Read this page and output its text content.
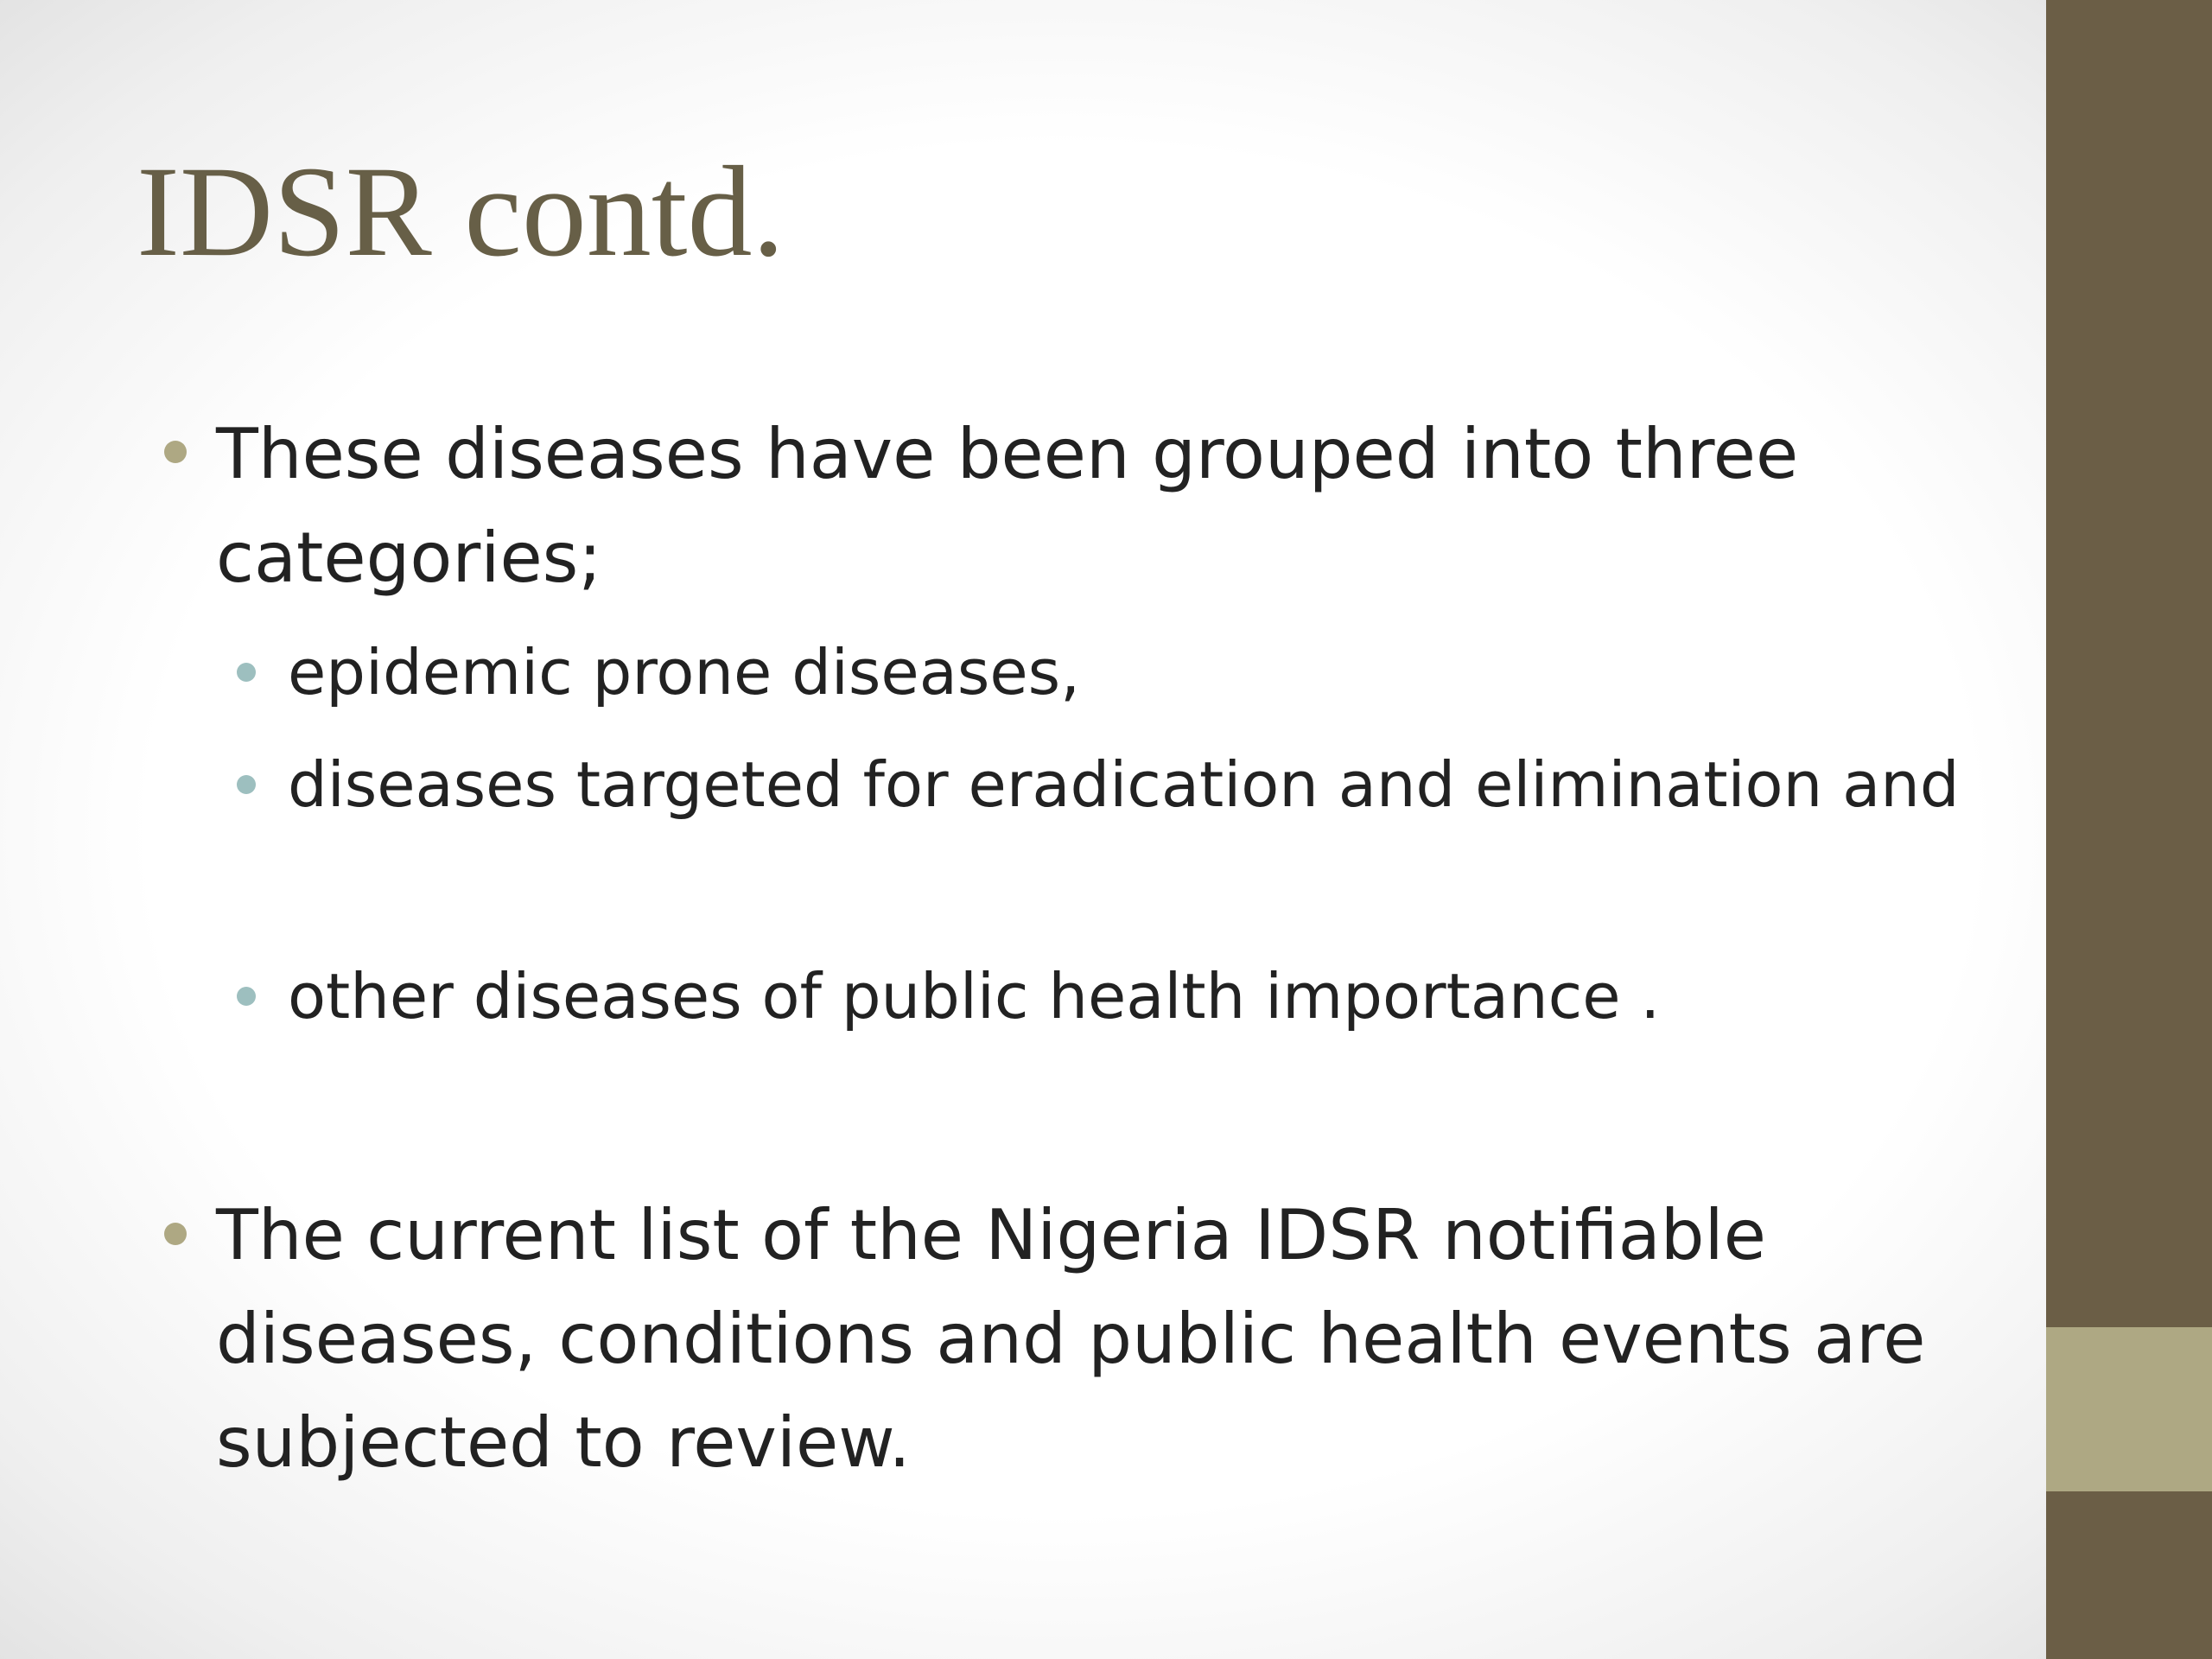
IDSR contd.
These diseases have been grouped into three categories;
epidemic prone diseases,
diseases targeted for eradication and elimination and
other diseases of public health importance .
The current list of the Nigeria IDSR notifiable diseases, conditions and public health events are subjected to review.
